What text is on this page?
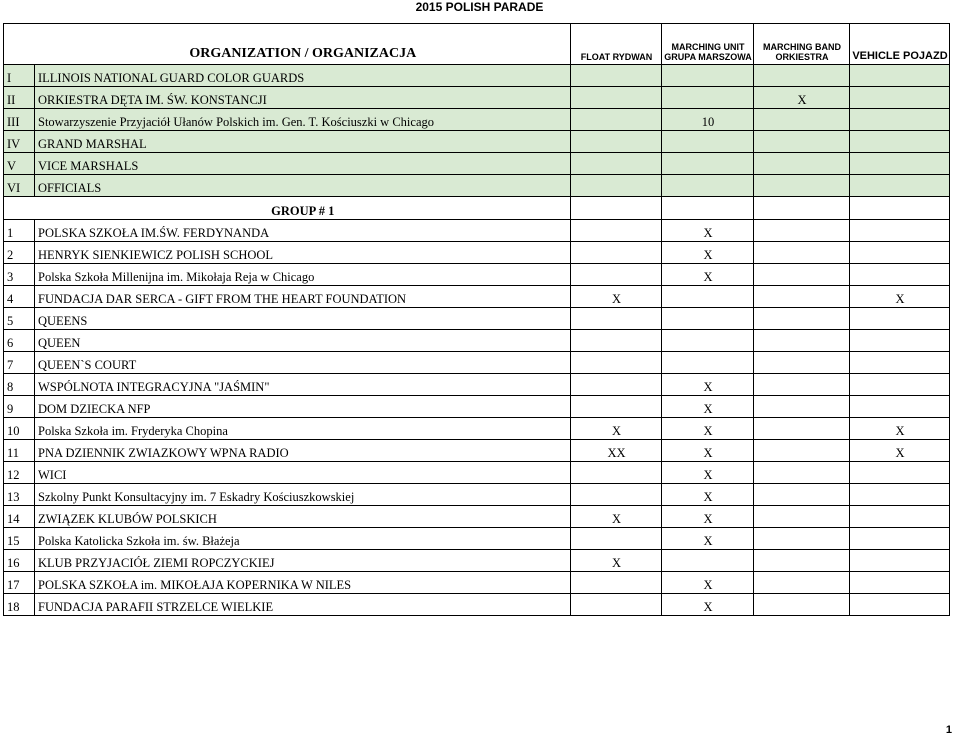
2015 POLISH PARADE
	ORGANIZATION / ORGANIZACJA	FLOAT RYDWAN	MARCHING UNIT GRUPA MARSZOWA	MARCHING BAND ORKIESTRA	VEHICLE POJAZD
I	ILLINOIS NATIONAL GUARD COLOR GUARDS				
II	ORKIESTRA DĘTA IM. ŚW. KONSTANCJI			X	
III	Stowarzyszenie Przyjaciół Ułanów Polskich im. Gen. T. Kościuszki w Chicago		10		
IV	GRAND MARSHAL				
V	VICE MARSHALS				
VI	OFFICIALS				
	GROUP # 1				
1	POLSKA SZKOŁA IM.ŚW. FERDYNANDA		X		
2	HENRYK SIENKIEWICZ POLISH SCHOOL		X		
3	Polska Szkoła Millenijna im. Mikołaja Reja w Chicago		X		
4	FUNDACJA DAR SERCA - GIFT FROM THE HEART FOUNDATION	X			X
5	QUEENS				
6	QUEEN				
7	QUEEN`S COURT				
8	WSPÓLNOTA INTEGRACYJNA "JAŚMIN"		X		
9	DOM DZIECKA NFP		X		
10	Polska Szkoła im. Fryderyka Chopina	X	X		X
11	PNA DZIENNIK ZWIAZKOWY WPNA RADIO	XX	X		X
12	WICI		X		
13	Szkolny Punkt Konsultacyjny im. 7 Eskadry Kościuszkowskiej		X		
14	ZWIĄZEK KLUBÓW POLSKICH	X	X		
15	Polska Katolicka Szkoła im. św. Błażeja		X		
16	KLUB PRZYJACIÓŁ ZIEMI ROPCZYCKIEJ	X			
17	POLSKA SZKOŁA im. MIKOŁAJA KOPERNIKA W NILES		X		
18	FUNDACJA PARAFII STRZELCE WIELKIE		X		
1
